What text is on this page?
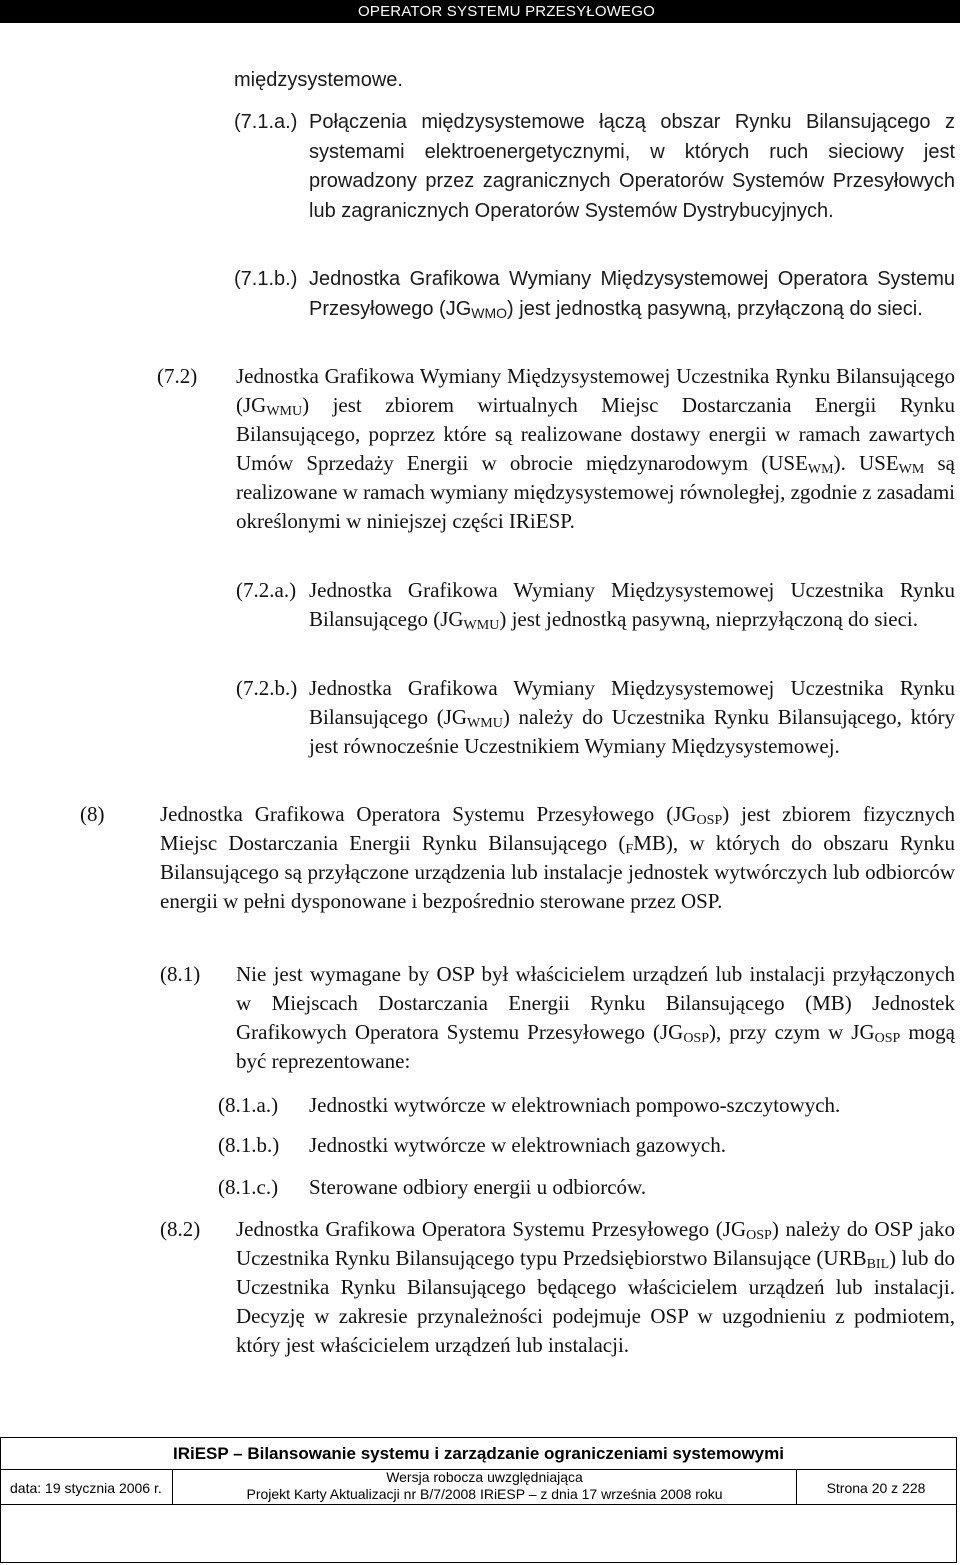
OPERATOR SYSTEMU PRZESYŁOWEGO
międzysystemowe.
(7.1.a.) Połączenia międzysystemowe łączą obszar Rynku Bilansującego z systemami elektroenergetycznymi, w których ruch sieciowy jest prowadzony przez zagranicznych Operatorów Systemów Przesyłowych lub zagranicznych Operatorów Systemów Dystrybucyjnych.

(7.1.b.) Jednostka Grafikowa Wymiany Międzysystemowej Operatora Systemu Przesyłowego $(JG_{WMO})$ jest jednostką pasywną, przyłączoną do sieci.

(7.2) Jednostka Grafikowa Wymiany Międzysystemowej Uczestnika Rynku Bilansującego $(JG_{WMU})$ jest zbiorem wirtualnych Miejsc Dostarczania Energii Rynku Bilansującego, poprzez które są realizowane dostawy energii w ramach zawartych Umów Sprzedaży Energii w obrocie międzynarodowym $(USE_{WM})$. $USE_{WM}$ są realizowane w ramach wymiany międzysystemowej równoległej, zgodnie z zasadami określonymi w niniejszej części IRiESP.

(7.2.a.) Jednostka Grafikowa Wymiany Międzysystemowej Uczestnika Rynku Bilansującego $(JG_{WMU})$ jest jednostką pasywną, nieprzyłączoną do sieci.

(7.2.b.) Jednostka Grafikowa Wymiany Międzysystemowej Uczestnika Rynku Bilansującego $(JG_{WMU})$ należy do Uczestnika Rynku Bilansującego, który jest równocześnie Uczestnikiem Wymiany Międzysystemowej.

(8)	Jednostka Grafikowa Operatora Systemu Przesyłowego $(JG_{OSP})$ jest zbiorem fizycznych Miejsc Dostarczania Energii Rynku Bilansującego $(_FMB)$, w których do obszaru Rynku Bilansującego są przyłączone urządzenia lub instalacje jednostek wytwórczych lub odbiorców energii w pełni dysponowane i bezpośrednio sterowane przez OSP.

(8.1) Nie jest wymagane by OSP był właścicielem urządzeń lub instalacji przyłączonych w Miejscach Dostarczania Energii Rynku Bilansującego (MB) Jednostek Grafikowych Operatora Systemu Przesyłowego $(JG_{OSP})$, przy czym w $JG_{OSP}$ mogą być reprezentowane:

(8.1.a.) Jednostki wytwórcze w elektrowniach pompowo-szczytowych.
(8.1.b.) Jednostki wytwórcze w elektrowniach gazowych.
(8.1.c.) Sterowane odbiory energii u odbiorców.
(8.2) Jednostka Grafikowa Operatora Systemu Przesyłowego $(JG_{OSP})$ należy do OSP jako Uczestnika Rynku Bilansującego typu Przedsiębiorstwo Bilansujące $(URB_{BIL})$ lub do Uczestnika Rynku Bilansującego będącego właścicielem urządzeń lub instalacji. Decyzję w zakresie przynależności podejmuje OSP w uzgodnieniu z podmiotem, który jest właścicielem urządzeń lub instalacji.

IRiESP – Bilansowanie systemu i zarządzanie ograniczeniami systemowymi
data: 19 stycznia 2006 r.
Wersja robocza uwzględniająca
Projekt Karty Aktualizacji nr B/7/2008 IRiESP – z dnia 17 września 2008 roku	Strona 20 z 228
